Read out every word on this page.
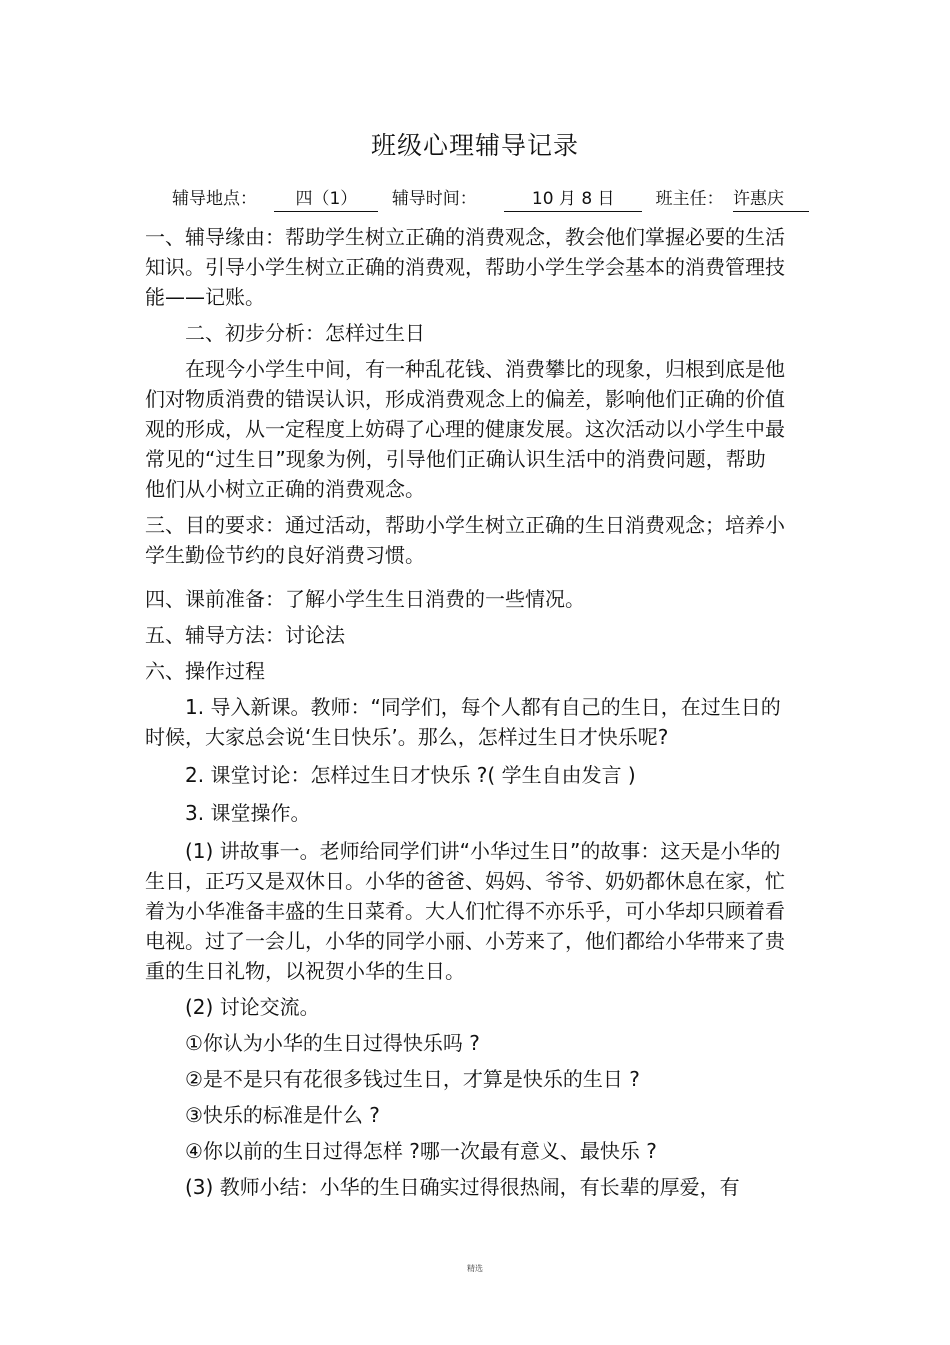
班级心理辅导记录
辅导地点： 四（1） 辅导时间：	10 月 8 日 班主任： 许惠庆

一、辅导缘由：帮助学生树立正确的消费观念，教会他们掌握必要的生活知识。引导小学生树立正确的消费观，帮助小学生学会基本的消费管理技能——记账。

二、初步分析：怎样过生日

在现今小学生中间，有一种乱花钱、消费攀比的现象，归根到底是他们对物质消费的错误认识，形成消费观念上的偏差，影响他们正确的价值观的形成，从一定程度上妨碍了心理的健康发展。这次活动以小学生中最常见的“过生日”现象为例，引导他们正确认识生活中的消费问题，帮助他们从小树立正确的消费观念。

三、目的要求：通过活动，帮助小学生树立正确的生日消费观念；培养小学生勤俭节约的良好消费习惯。

四、课前准备：了解小学生生日消费的一些情况。

五、辅导方法：讨论法

六、操作过程

1. 导入新课。教师：“同学们，每个人都有自己的生日，在过生日的时候，大家总会说‘生日快乐’。那么，怎样过生日才快乐呢?

2. 课堂讨论：怎样过生日才快乐 ?( 学生自由发言 )

3. 课堂操作。

(1) 讲故事一。老师给同学们讲“小华过生日”的故事：这天是小华的生日，正巧又是双休日。小华的爸爸、妈妈、爷爷、奶奶都休息在家，忙着为小华准备丰盛的生日菜肴。大人们忙得不亦乐乎，可小华却只顾着看电视。过了一会儿，小华的同学小丽、小芳来了，他们都给小华带来了贵重的生日礼物，以祝贺小华的生日。

(2) 讨论交流。

①你认为小华的生日过得快乐吗 ?

②是不是只有花很多钱过生日，才算是快乐的生日 ?

③快乐的标准是什么 ?

④你以前的生日过得怎样 ?哪一次最有意义、最快乐 ?

(3) 教师小结：小华的生日确实过得很热闹，有长辈的厚爱，有

精选
